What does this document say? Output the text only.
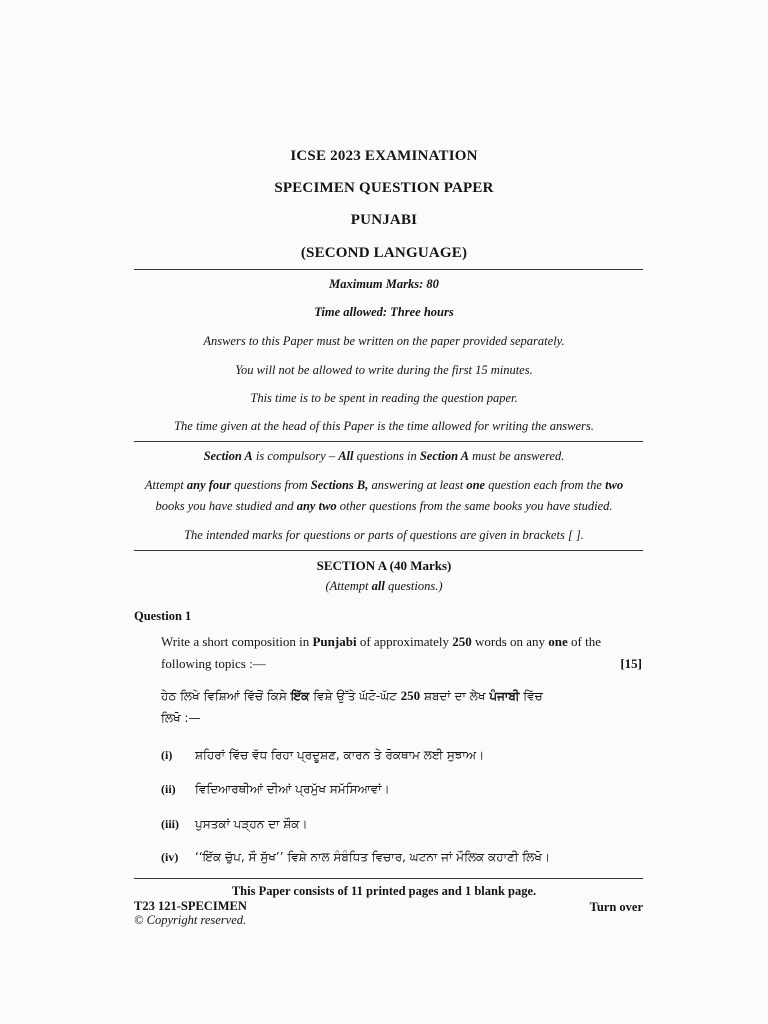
ICSE 2023 EXAMINATION
SPECIMEN QUESTION PAPER
PUNJABI
(SECOND LANGUAGE)
Maximum Marks: 80
Time allowed: Three hours
Answers to this Paper must be written on the paper provided separately.
You will not be allowed to write during the first 15 minutes.
This time is to be spent in reading the question paper.
The time given at the head of this Paper is the time allowed for writing the answers.
Section A is compulsory – All questions in Section A must be answered.
Attempt any four questions from Sections B, answering at least one question each from the two
books you have studied and any two other questions from the same books you have studied.
The intended marks for questions or parts of questions are given in brackets [ ].
SECTION A (40 Marks)
(Attempt all questions.)
Question 1
Write a short composition in Punjabi of approximately 250 words on any one of the
following topics :—	[15]
ਹੇਠ ਲਿਖੇ ਵਿਸ਼ਿਆਂ ਵਿੱਚੋਂ ਕਿਸੇ ਇੱਕ ਵਿਸ਼ੇ ਉੱਤੇ ਘੱਟੋ-ਘੱਟ 250 ਸ਼ਬਦਾਂ ਦਾ ਲੇਖ ਪੰਜਾਬੀ ਵਿੱਚ
ਲਿਖੋ :—
(i) ਸ਼ਹਿਰਾਂ ਵਿੱਚ ਵੱਧ ਰਿਹਾ ਪ੍ਰਦੂਸ਼ਣ, ਕਾਰਨ ਤੇ ਰੋਕਥਾਮ ਲਈ ਸੁਝਾਅ।
(ii) ਵਿਦਿਆਰਥੀਆਂ ਦੀਆਂ ਪ੍ਰਮੁੱਖ ਸਮੱਸਿਆਵਾਂ।
(iii) ਪੁਸਤਕਾਂ ਪੜ੍ਹਨ ਦਾ ਸ਼ੌਕ।
(iv) ‘‘ਇੱਕ ਚੁੱਪ, ਸੌ ਸੁੱਖ’’ ਵਿਸ਼ੇ ਨਾਲ ਸੰਬੰਧਿਤ ਵਿਚਾਰ, ਘਟਨਾ ਜਾਂ ਮੌਲਿਕ ਕਹਾਣੀ ਲਿਖੋ।
This Paper consists of 11 printed pages and 1 blank page.
T23 121-SPECIMEN	Turn over
© Copyright reserved.
